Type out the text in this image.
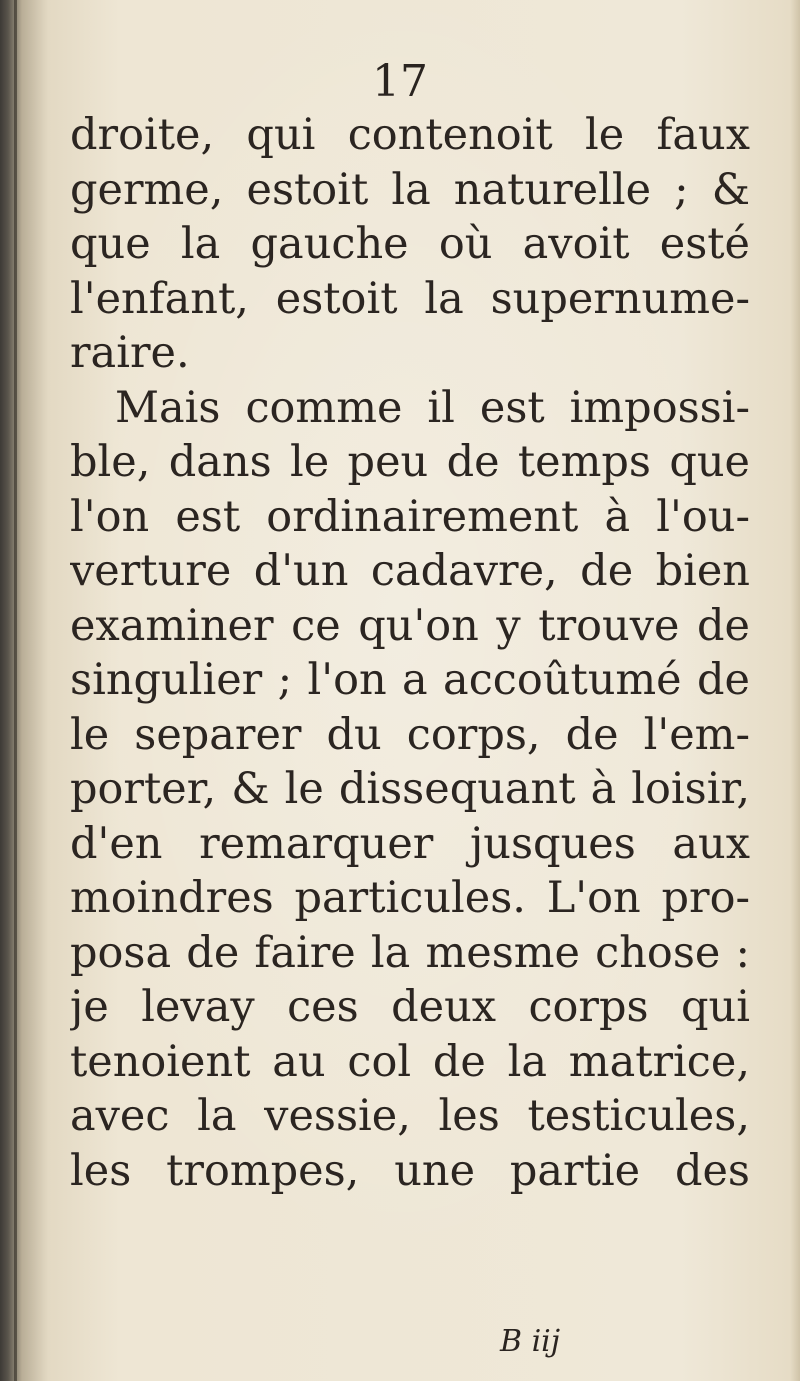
17
droite, qui contenoit le faux
germe, estoit la naturelle ; &
que la gauche où avoit esté
l'enfant, estoit la supernume-
raire.
Mais comme il est impossi-
ble, dans le peu de temps que
l'on est ordinairement à l'ou-
verture d'un cadavre, de bien
examiner ce qu'on y trouve de
singulier ; l'on a accoûtumé de
le separer du corps, de l'em-
porter, & le dissequant à loisir,
d'en remarquer jusques aux
moindres particules. L'on pro-
posa de faire la mesme chose :
je levay ces deux corps qui
tenoient au col de la matrice,
avec la vessie, les testicules,
les trompes, une partie des
B iij
